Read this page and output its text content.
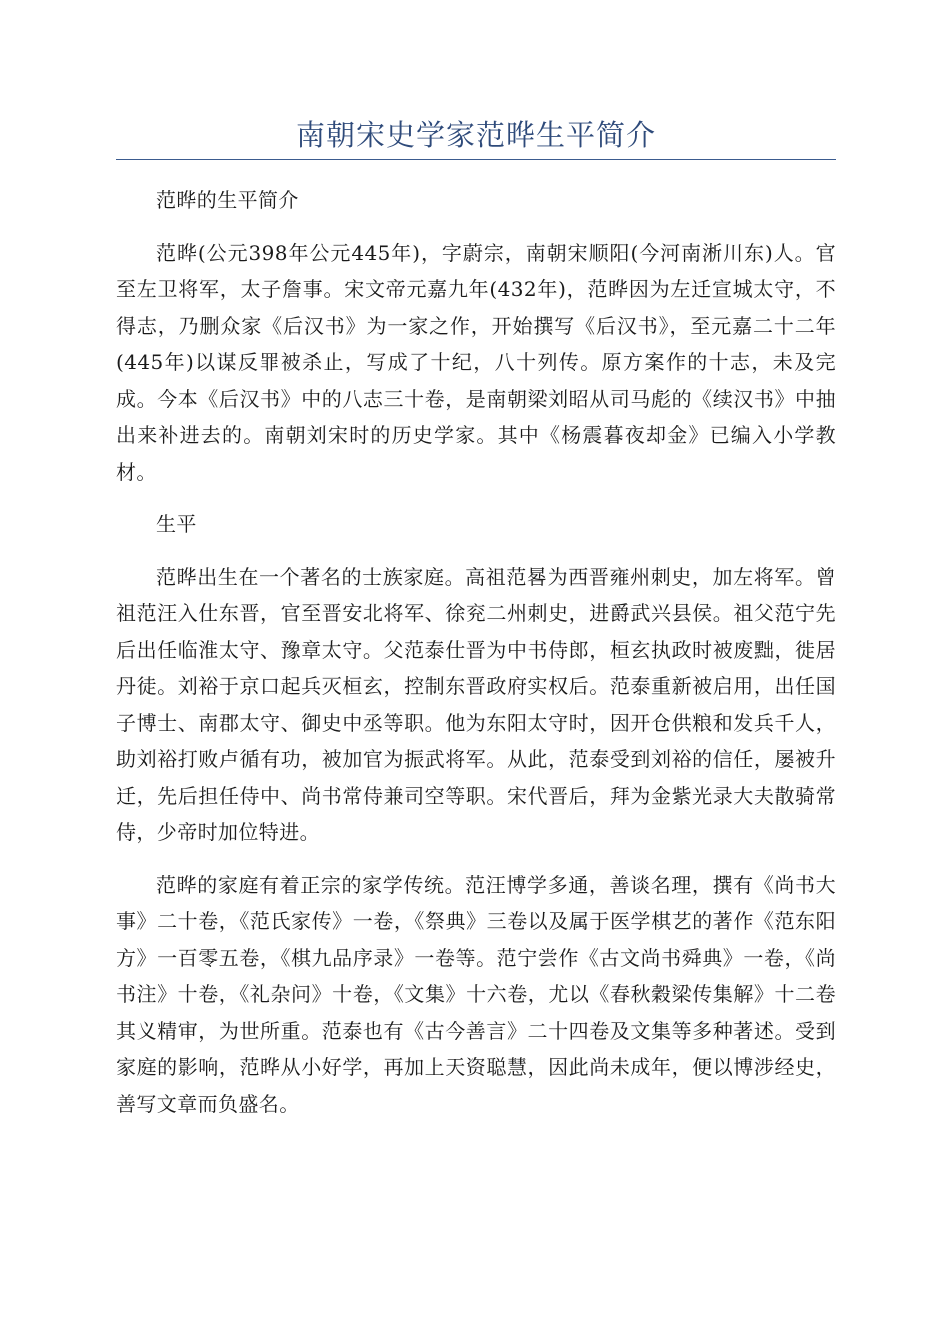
南朝宋史学家范晔生平简介

范晔的生平简介

范晔(公元398年公元445年)，字蔚宗，南朝宋顺阳(今河南淅川东)人。官至左卫将军，太子詹事。宋文帝元嘉九年(432年)，范晔因为左迁宣城太守，不得志，乃删众家《后汉书》为一家之作，开始撰写《后汉书》，至元嘉二十二年(445年)以谋反罪被杀止，写成了十纪，八十列传。原方案作的十志，未及完成。今本《后汉书》中的八志三十卷，是南朝梁刘昭从司马彪的《续汉书》中抽出来补进去的。南朝刘宋时的历史学家。其中《杨震暮夜却金》已编入小学教材。

生平

范晔出生在一个著名的士族家庭。高祖范晷为西晋雍州刺史，加左将军。曾祖范汪入仕东晋，官至晋安北将军、徐兖二州刺史，进爵武兴县侯。祖父范宁先后出任临淮太守、豫章太守。父范泰仕晋为中书侍郎，桓玄执政时被废黜，徙居丹徒。刘裕于京口起兵灭桓玄，控制东晋政府实权后。范泰重新被启用，出任国子博士、南郡太守、御史中丞等职。他为东阳太守时，因开仓供粮和发兵千人，助刘裕打败卢循有功，被加官为振武将军。从此，范泰受到刘裕的信任，屡被升迁，先后担任侍中、尚书常侍兼司空等职。宋代晋后，拜为金紫光录大夫散骑常侍，少帝时加位特进。

范晔的家庭有着正宗的家学传统。范汪博学多通，善谈名理，撰有《尚书大事》二十卷，《范氏家传》一卷，《祭典》三卷以及属于医学棋艺的著作《范东阳方》一百零五卷，《棋九品序录》一卷等。范宁尝作《古文尚书舜典》一卷，《尚书注》十卷，《礼杂问》十卷，《文集》十六卷，尤以《春秋穀梁传集解》十二卷其义精审，为世所重。范泰也有《古今善言》二十四卷及文集等多种著述。受到家庭的影响，范晔从小好学，再加上天资聪慧，因此尚未成年，便以博涉经史，善写文章而负盛名。
